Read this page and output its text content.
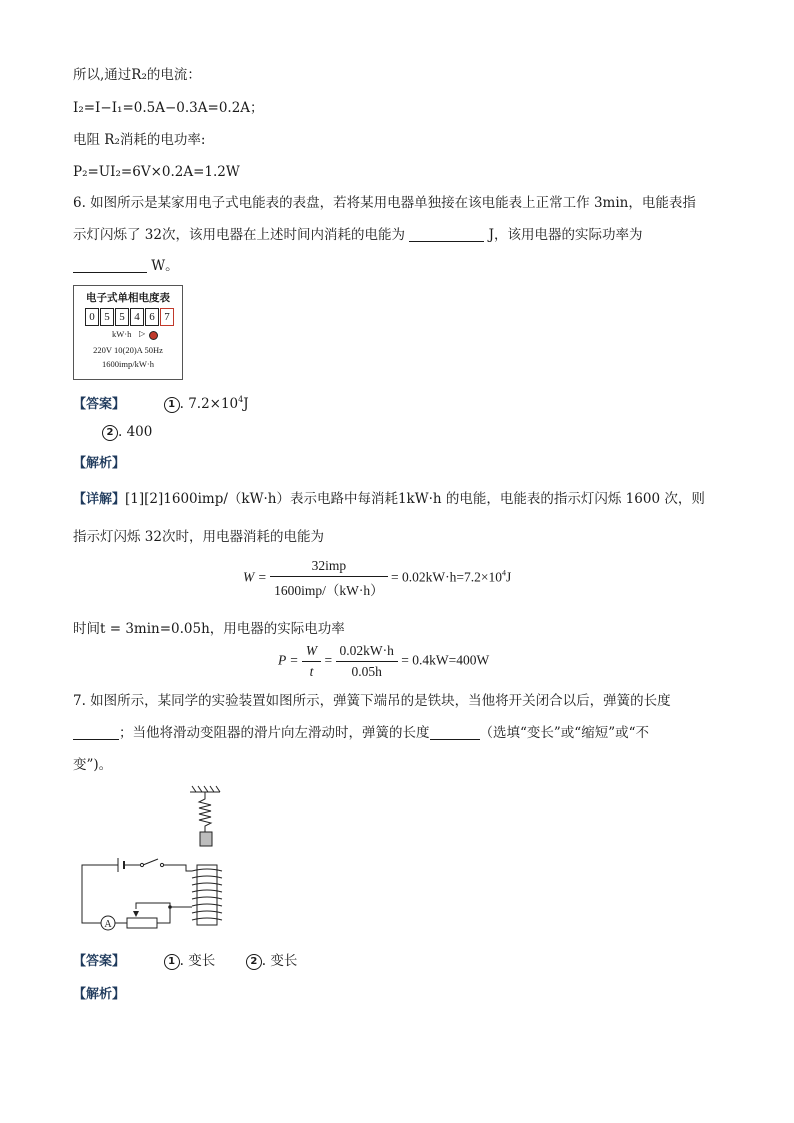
所以,通过R₂的电流：
I₂=I−I₁=0.5A−0.3A=0.2A；
电阻 R₂消耗的电功率:
P₂=UI₂=6V×0.2A=1.2W
6. 如图所示是某家用电子式电能表的表盘，若将某用电器单独接在该电能表上正常工作 3min，电能表指
示灯闪烁了 32次，该用电器在上述时间内消耗的电能为	J，该用电器的实际功率为
W。
电子式单相电度表
0 5 5 4 6 7
kW·h ▷
220V 10(20)A 50Hz
1600imp/kW·h
【答案】	1 . $7.2\times 10^4J$
2 . 400
【解析】
【详解】[1][2]1600imp/（kW·h）表示电路中每消耗1kW·h 的电能，电能表的指示灯闪烁 1600 次，则
指示灯闪烁 32次时，用电器消耗的电能为
$W = \frac{\text{32imp}}{\text{1600imp/（kW·h）}} = 0.02kW\cdot h=7.2\times 10^4J$
时间t = 3min=0.05h，用电器的实际电功率
$P = \frac{W}{t} = \frac{0.02kW\cdot h}{0.05h} = 0.4kW=400W$
7. 如图所示，某同学的实验装置如图所示，弹簧下端吊的是铁块，当他将开关闭合以后，弹簧的长度
；当他将滑动变阻器的滑片向左滑动时，弹簧的长度	（选填“变长”或“缩短”或“不
变”)。
A
【答案】	1 . 变长	2 . 变长
【解析】
